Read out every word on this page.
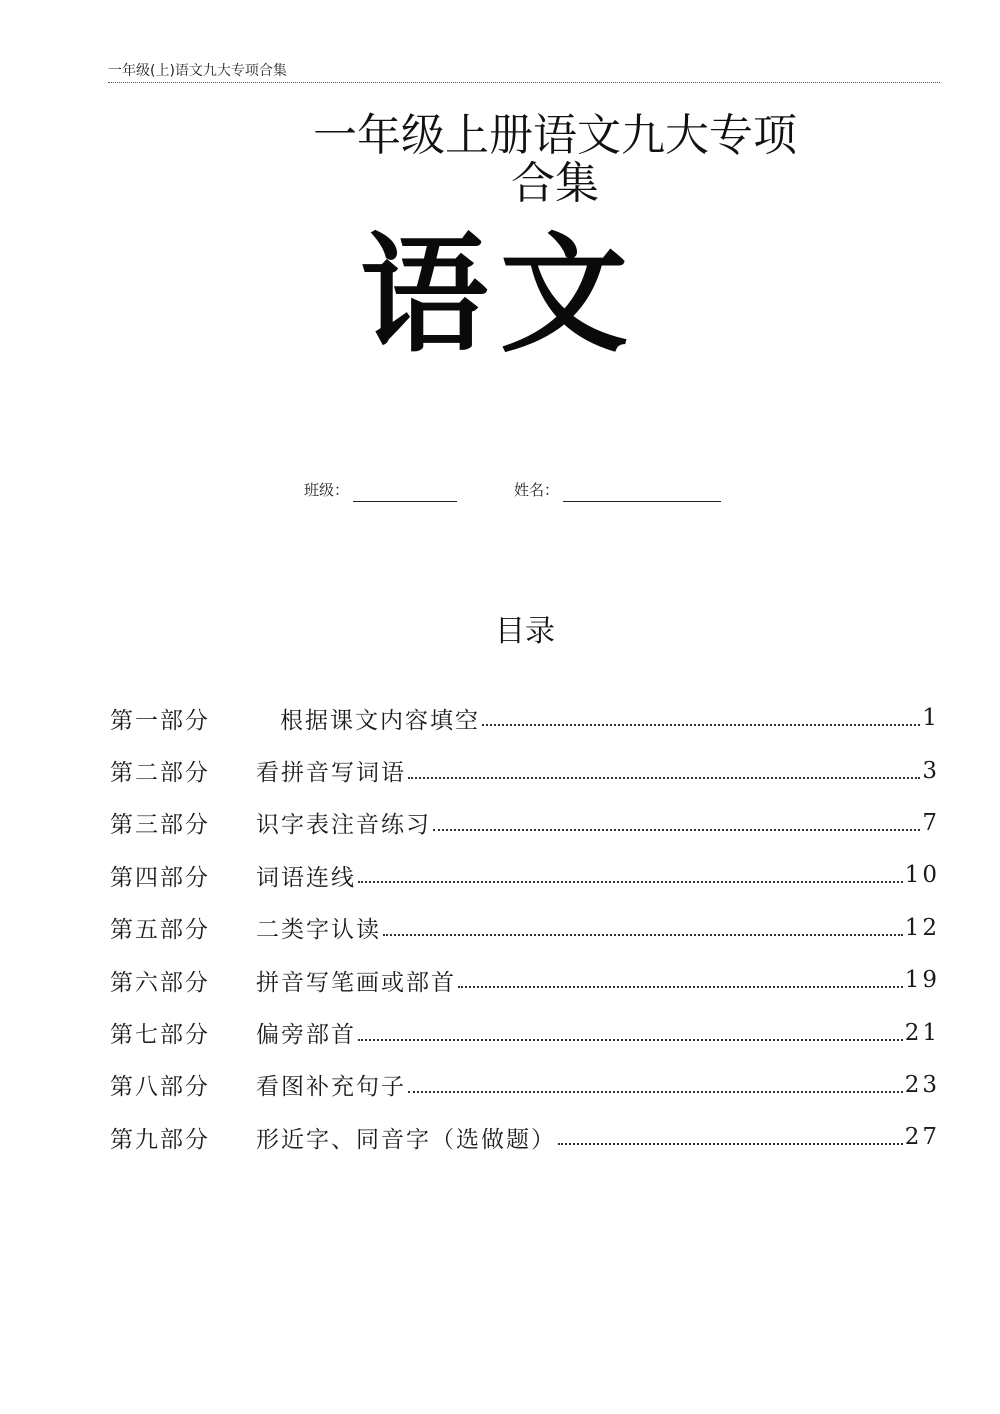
一年级(上)语文九大专项合集
一年级上册语文九大专项
合集
语文
班级：	姓名：
目录
第一部分	根据课文内容填空	1
第二部分	看拼音写词语	3
第三部分	识字表注音练习	7
第四部分	词语连线	10
第五部分	二类字认读	12
第六部分	拼音写笔画或部首	19
第七部分	偏旁部首	21
第八部分	看图补充句子	23
第九部分	形近字、同音字（选做题）	27
